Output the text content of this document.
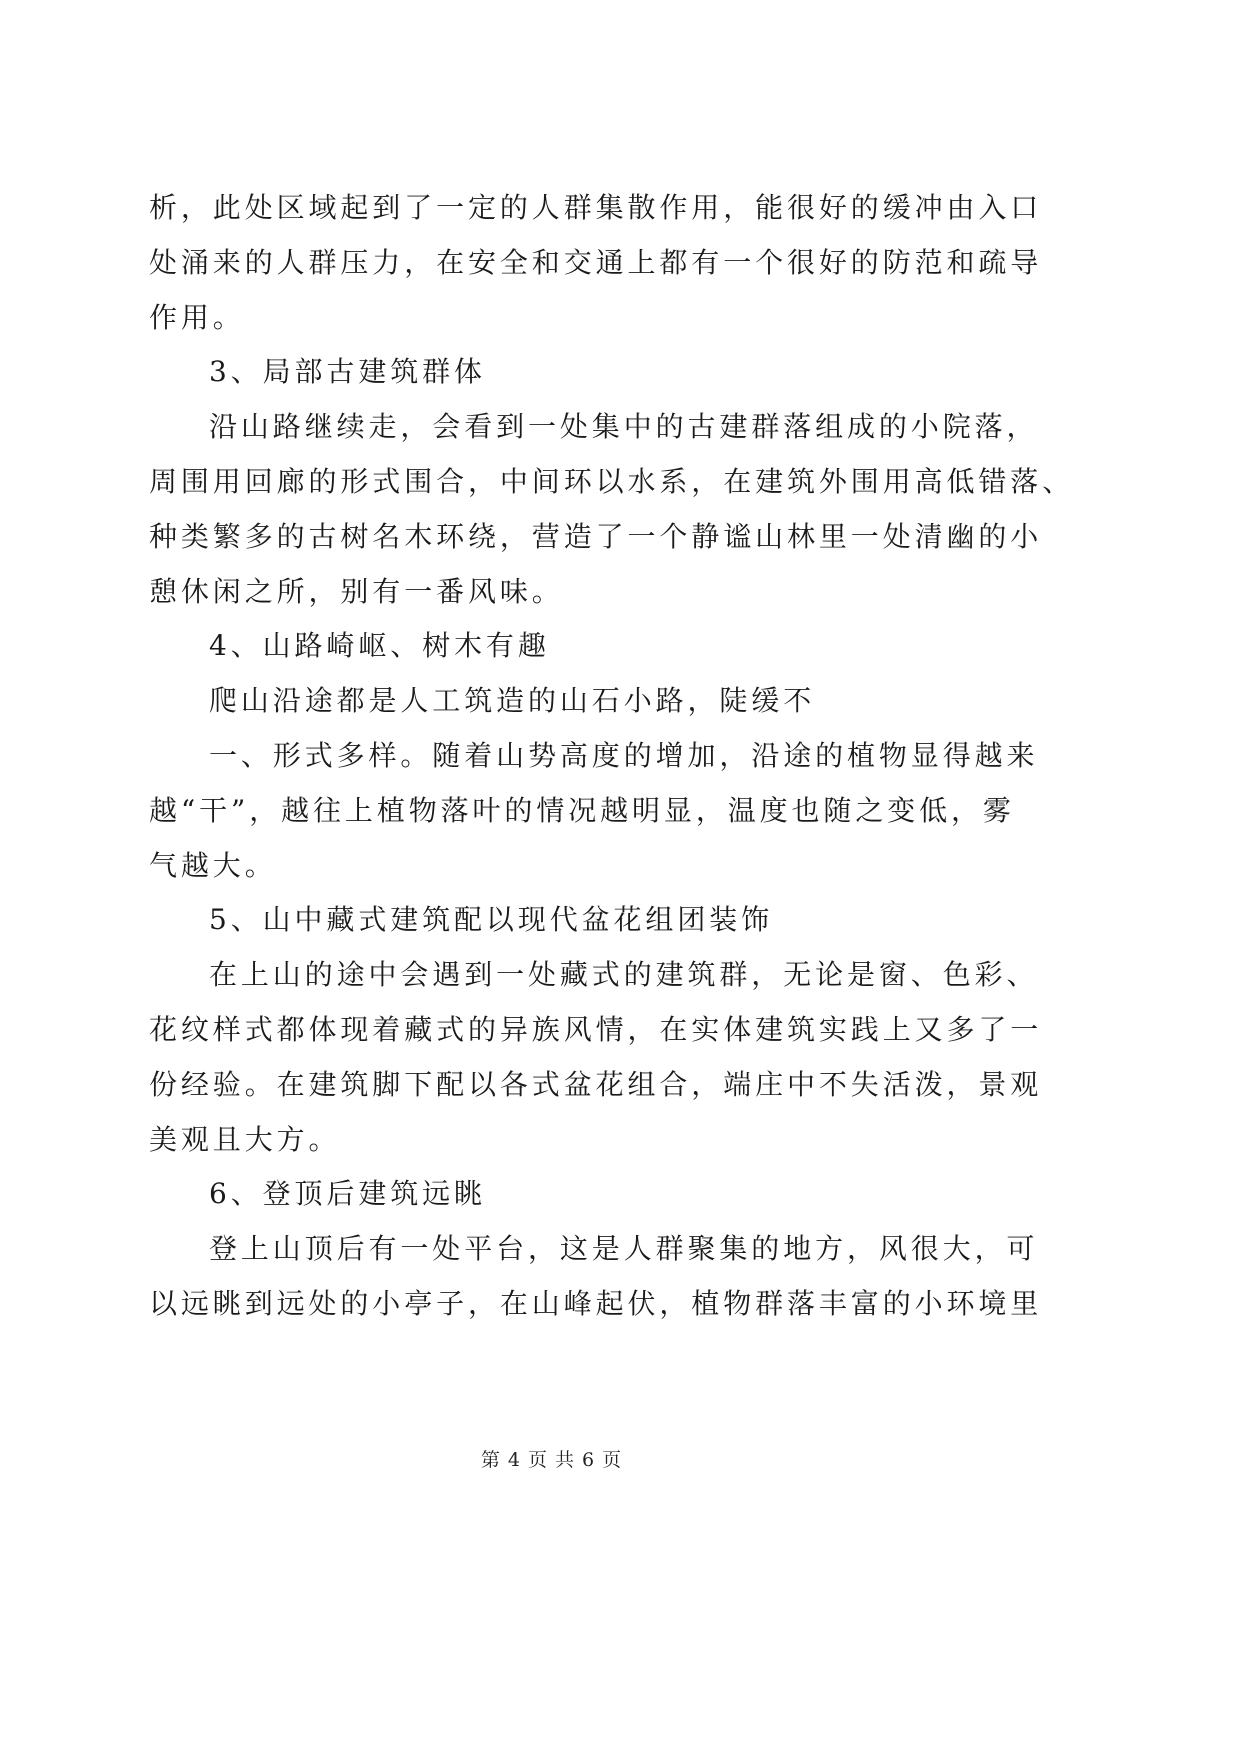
析，此处区域起到了一定的人群集散作用，能很好的缓冲由入口
处涌来的人群压力，在安全和交通上都有一个很好的防范和疏导
作用。
3、局部古建筑群体
沿山路继续走，会看到一处集中的古建群落组成的小院落，
周围用回廊的形式围合，中间环以水系，在建筑外围用高低错落、
种类繁多的古树名木环绕，营造了一个静谧山林里一处清幽的小
憩休闲之所，别有一番风味。
4、山路崎岖、树木有趣
爬山沿途都是人工筑造的山石小路，陡缓不
一、形式多样。随着山势高度的增加，沿途的植物显得越来
越“干”，越往上植物落叶的情况越明显，温度也随之变低，雾
气越大。
5、山中藏式建筑配以现代盆花组团装饰
在上山的途中会遇到一处藏式的建筑群，无论是窗、色彩、
花纹样式都体现着藏式的异族风情，在实体建筑实践上又多了一
份经验。在建筑脚下配以各式盆花组合，端庄中不失活泼，景观
美观且大方。
6、登顶后建筑远眺
登上山顶后有一处平台，这是人群聚集的地方，风很大，可
以远眺到远处的小亭子，在山峰起伏，植物群落丰富的小环境里
第 4 页 共 6 页
